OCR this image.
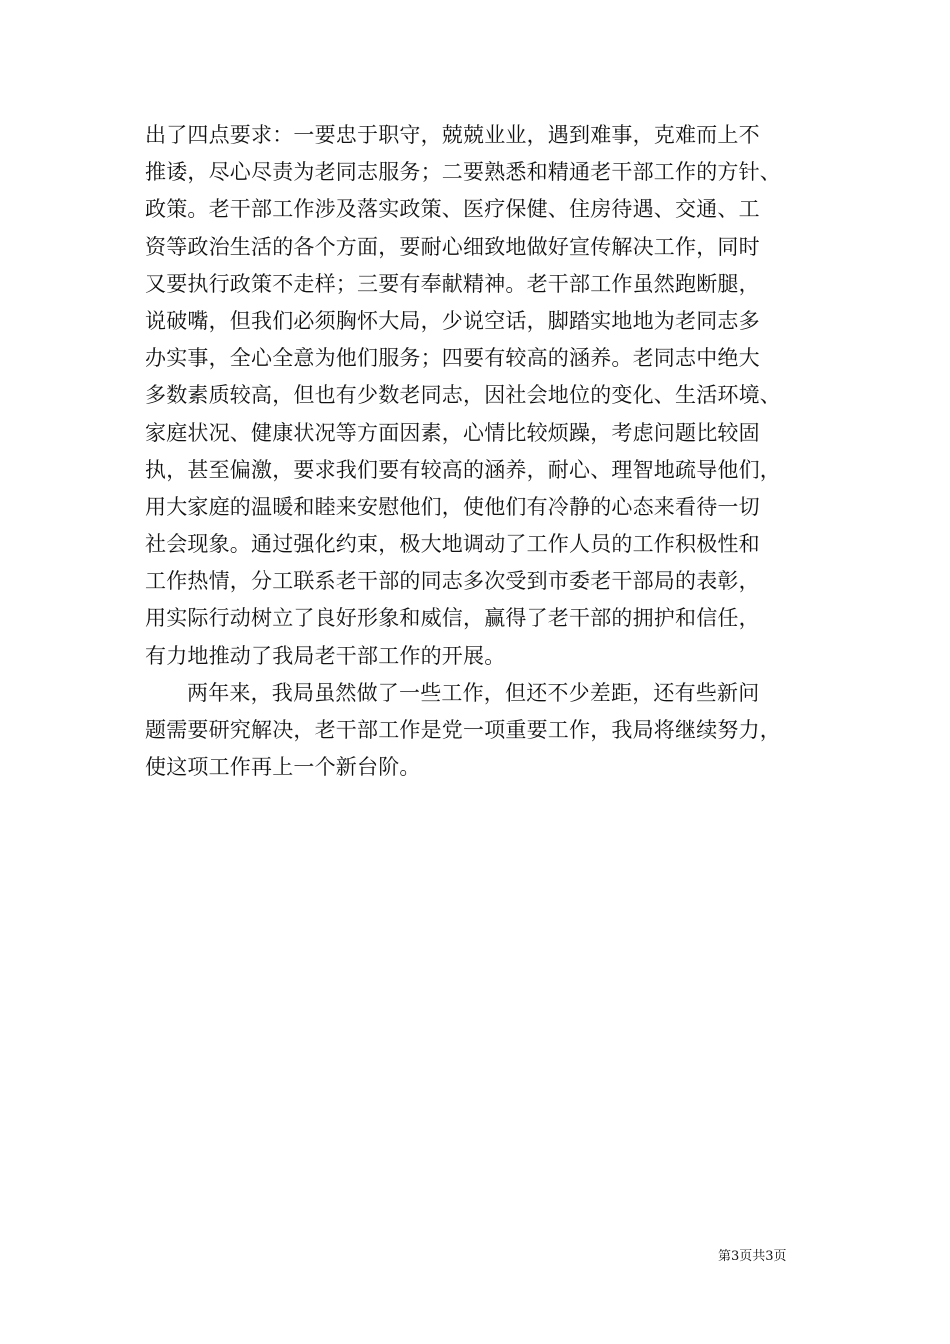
出了四点要求：一要忠于职守，兢兢业业，遇到难事，克难而上不
推诿，尽心尽责为老同志服务；二要熟悉和精通老干部工作的方针、
政策。老干部工作涉及落实政策、医疗保健、住房待遇、交通、工
资等政治生活的各个方面，要耐心细致地做好宣传解决工作，同时
又要执行政策不走样；三要有奉献精神。老干部工作虽然跑断腿，
说破嘴，但我们必须胸怀大局，少说空话，脚踏实地地为老同志多
办实事，全心全意为他们服务；四要有较高的涵养。老同志中绝大
多数素质较高，但也有少数老同志，因社会地位的变化、生活环境、
家庭状况、健康状况等方面因素，心情比较烦躁，考虑问题比较固
执，甚至偏激，要求我们要有较高的涵养，耐心、理智地疏导他们，
用大家庭的温暖和睦来安慰他们，使他们有冷静的心态来看待一切
社会现象。通过强化约束，极大地调动了工作人员的工作积极性和
工作热情，分工联系老干部的同志多次受到市委老干部局的表彰，
用实际行动树立了良好形象和威信，赢得了老干部的拥护和信任，
有力地推动了我局老干部工作的开展。
两年来，我局虽然做了一些工作，但还不少差距，还有些新问
题需要研究解决，老干部工作是党一项重要工作，我局将继续努力，
使这项工作再上一个新台阶。
第3页共3页
